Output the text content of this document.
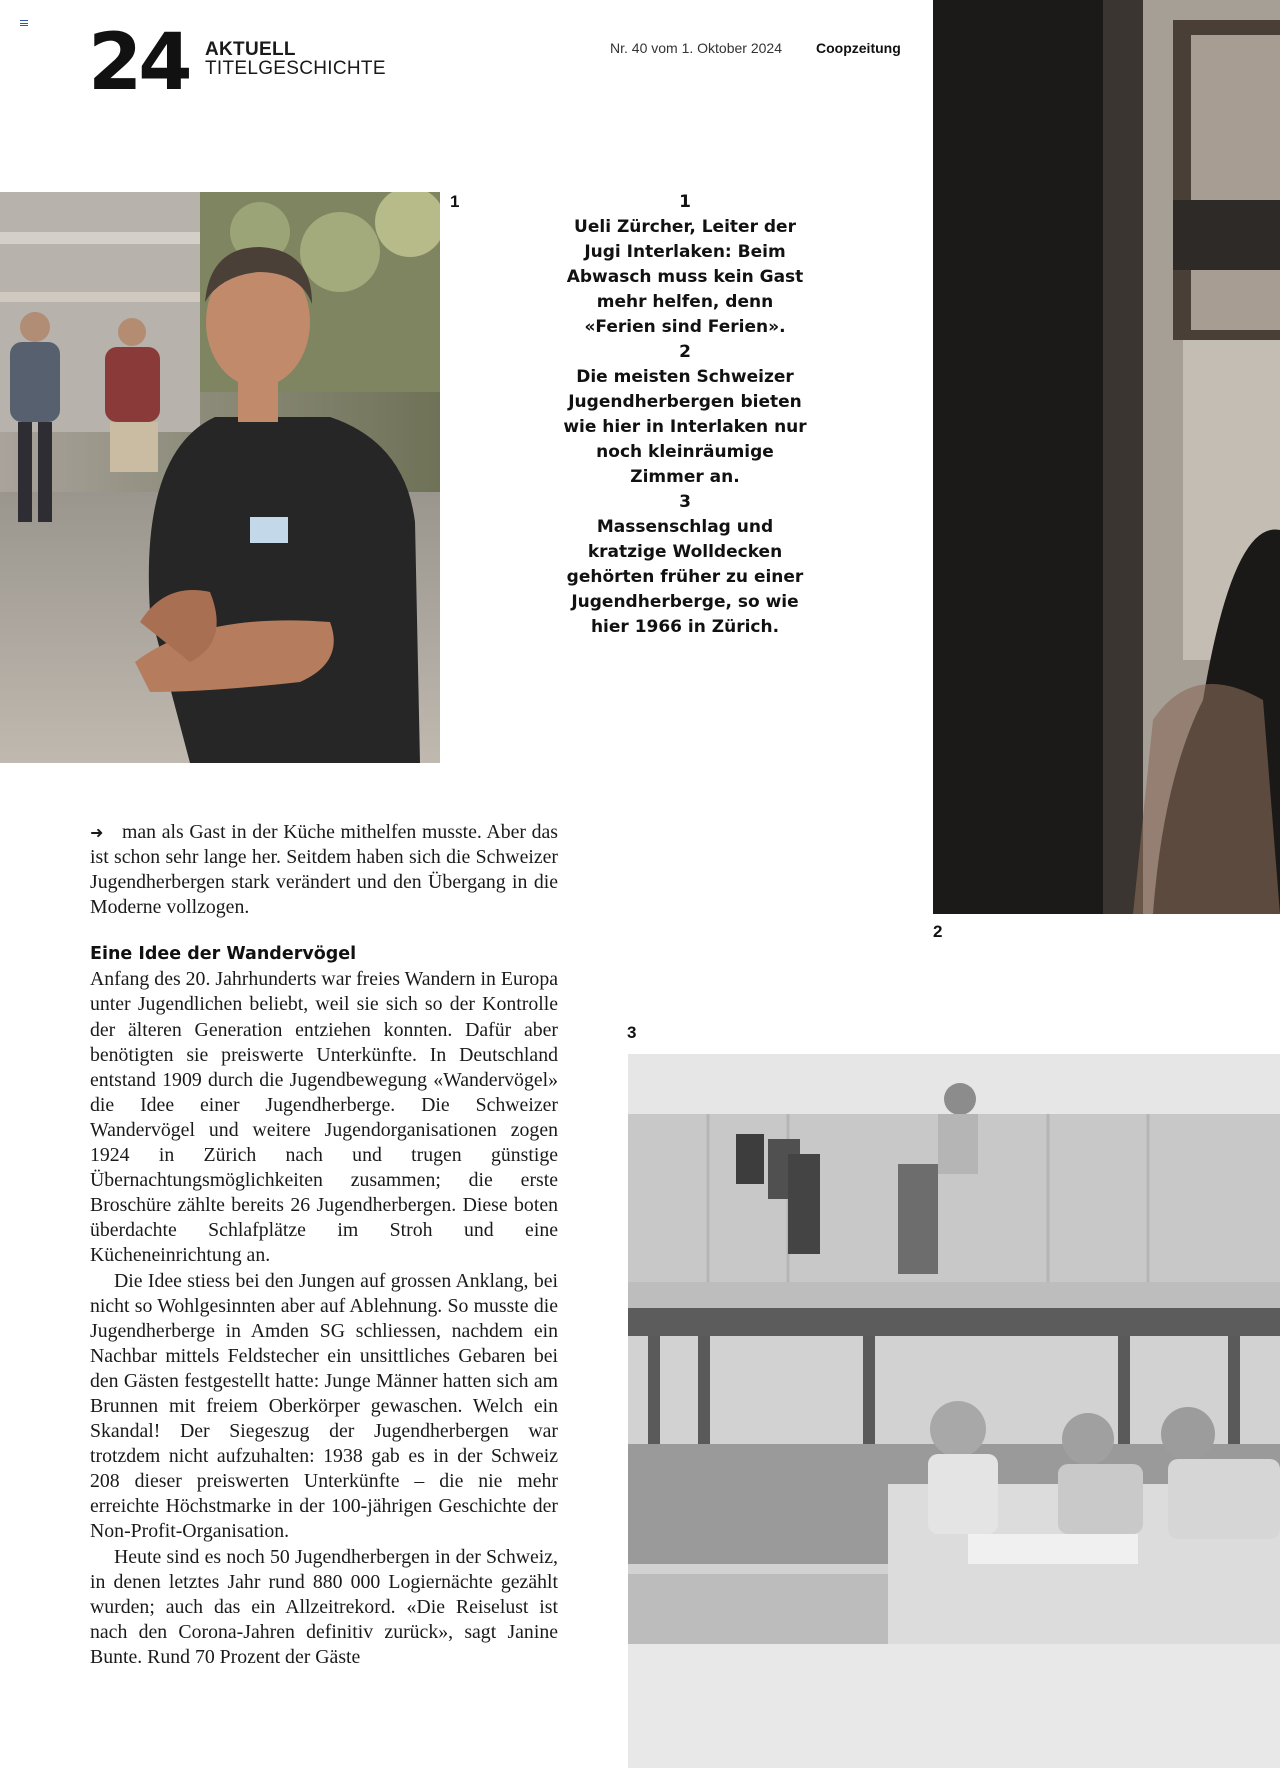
24 AKTUELL
TITELGESCHICHTE
Nr. 40 vom 1. Oktober 2024 Coopzeitung
1
2
1
Ueli Zürcher, Leiter der Jugi Interlaken: Beim Abwasch muss kein Gast mehr helfen, denn «Ferien sind Ferien».
2
Die meisten Schweizer Jugendherbergen bieten wie hier in Interlaken nur noch kleinräumige Zimmer an.
3
Massenschlag und kratzige Wolldecken gehörten früher zu einer Jugendherberge, so wie hier 1966 in Zürich.
3

➜ man als Gast in der Küche mithelfen musste. Aber das ist schon sehr lange her. Seitdem haben sich die Schweizer Jugendherbergen stark verändert und den Übergang in die Moderne vollzogen.

Eine Idee der Wandervögel

Anfang des 20. Jahrhunderts war freies Wandern in Europa unter Jugendlichen beliebt, weil sie sich so der Kontrolle der älteren Generation entziehen konnten. Dafür aber benötigten sie preiswerte Unterkünfte. In Deutschland entstand 1909 durch die Jugendbewegung «Wandervögel» die Idee einer Jugendherberge. Die Schweizer Wandervögel und weitere Jugendorganisationen zogen 1924 in Zürich nach und trugen günstige Übernachtungsmöglichkeiten zusammen; die erste Broschüre zählte bereits 26 Jugendherbergen. Diese boten überdachte Schlafplätze im Stroh und eine Kücheneinrichtung an.

Die Idee stiess bei den Jungen auf grossen Anklang, bei nicht so Wohlgesinnten aber auf Ablehnung. So musste die Jugendherberge in Amden SG schliessen, nachdem ein Nachbar mittels Feldstecher ein unsittliches Gebaren bei den Gästen festgestellt hatte: Junge Männer hatten sich am Brunnen mit freiem Oberkörper gewaschen. Welch ein Skandal! Der Siegeszug der Jugendherbergen war trotzdem nicht aufzuhalten: 1938 gab es in der Schweiz 208 dieser preiswerten Unterkünfte – die nie mehr erreichte Höchstmarke in der 100-jährigen Geschichte der Non-Profit-Organisation.

Heute sind es noch 50 Jugendherbergen in der Schweiz, in denen letztes Jahr rund 880 000 Logiernächte gezählt wurden; auch das ein Allzeitrekord. «Die Reiselust ist nach den Corona-Jahren definitiv zurück», sagt Janine Bunte. Rund 70 Prozent der Gäste
